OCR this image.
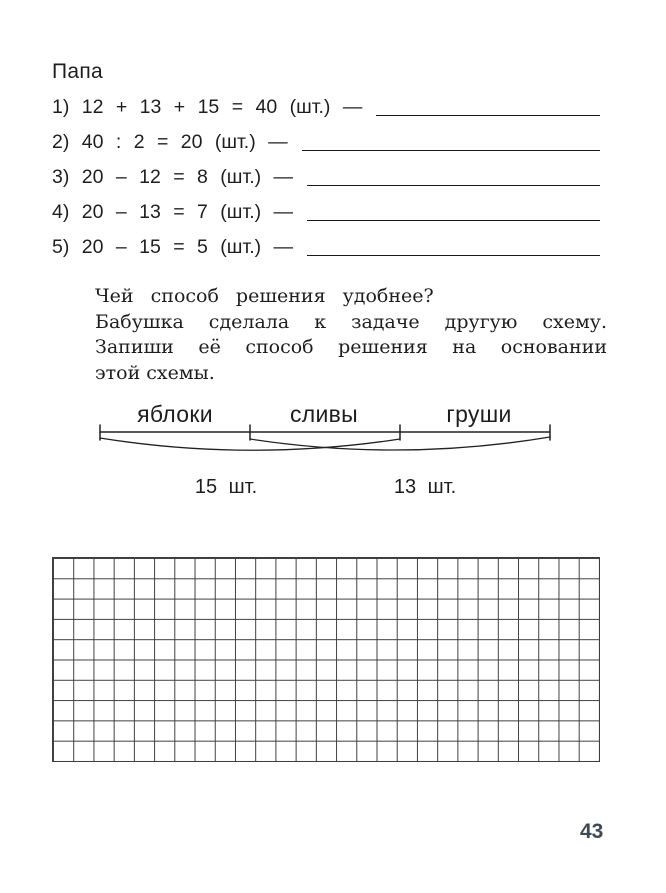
Папа
1) 12 + 13 + 15 = 40 (шт.) —
2) 40 : 2 = 20 (шт.) —
3) 20 – 12 = 8 (шт.) —
4) 20 – 13 = 7 (шт.) —
5) 20 – 15 = 5 (шт.) —
Чей способ решения удобнее?
Бабушка сделала к задаче другую схему.
Запиши её способ решения на основании
этой схемы.
яблоки	сливы	груши
15 шт.	13 шт.
43
